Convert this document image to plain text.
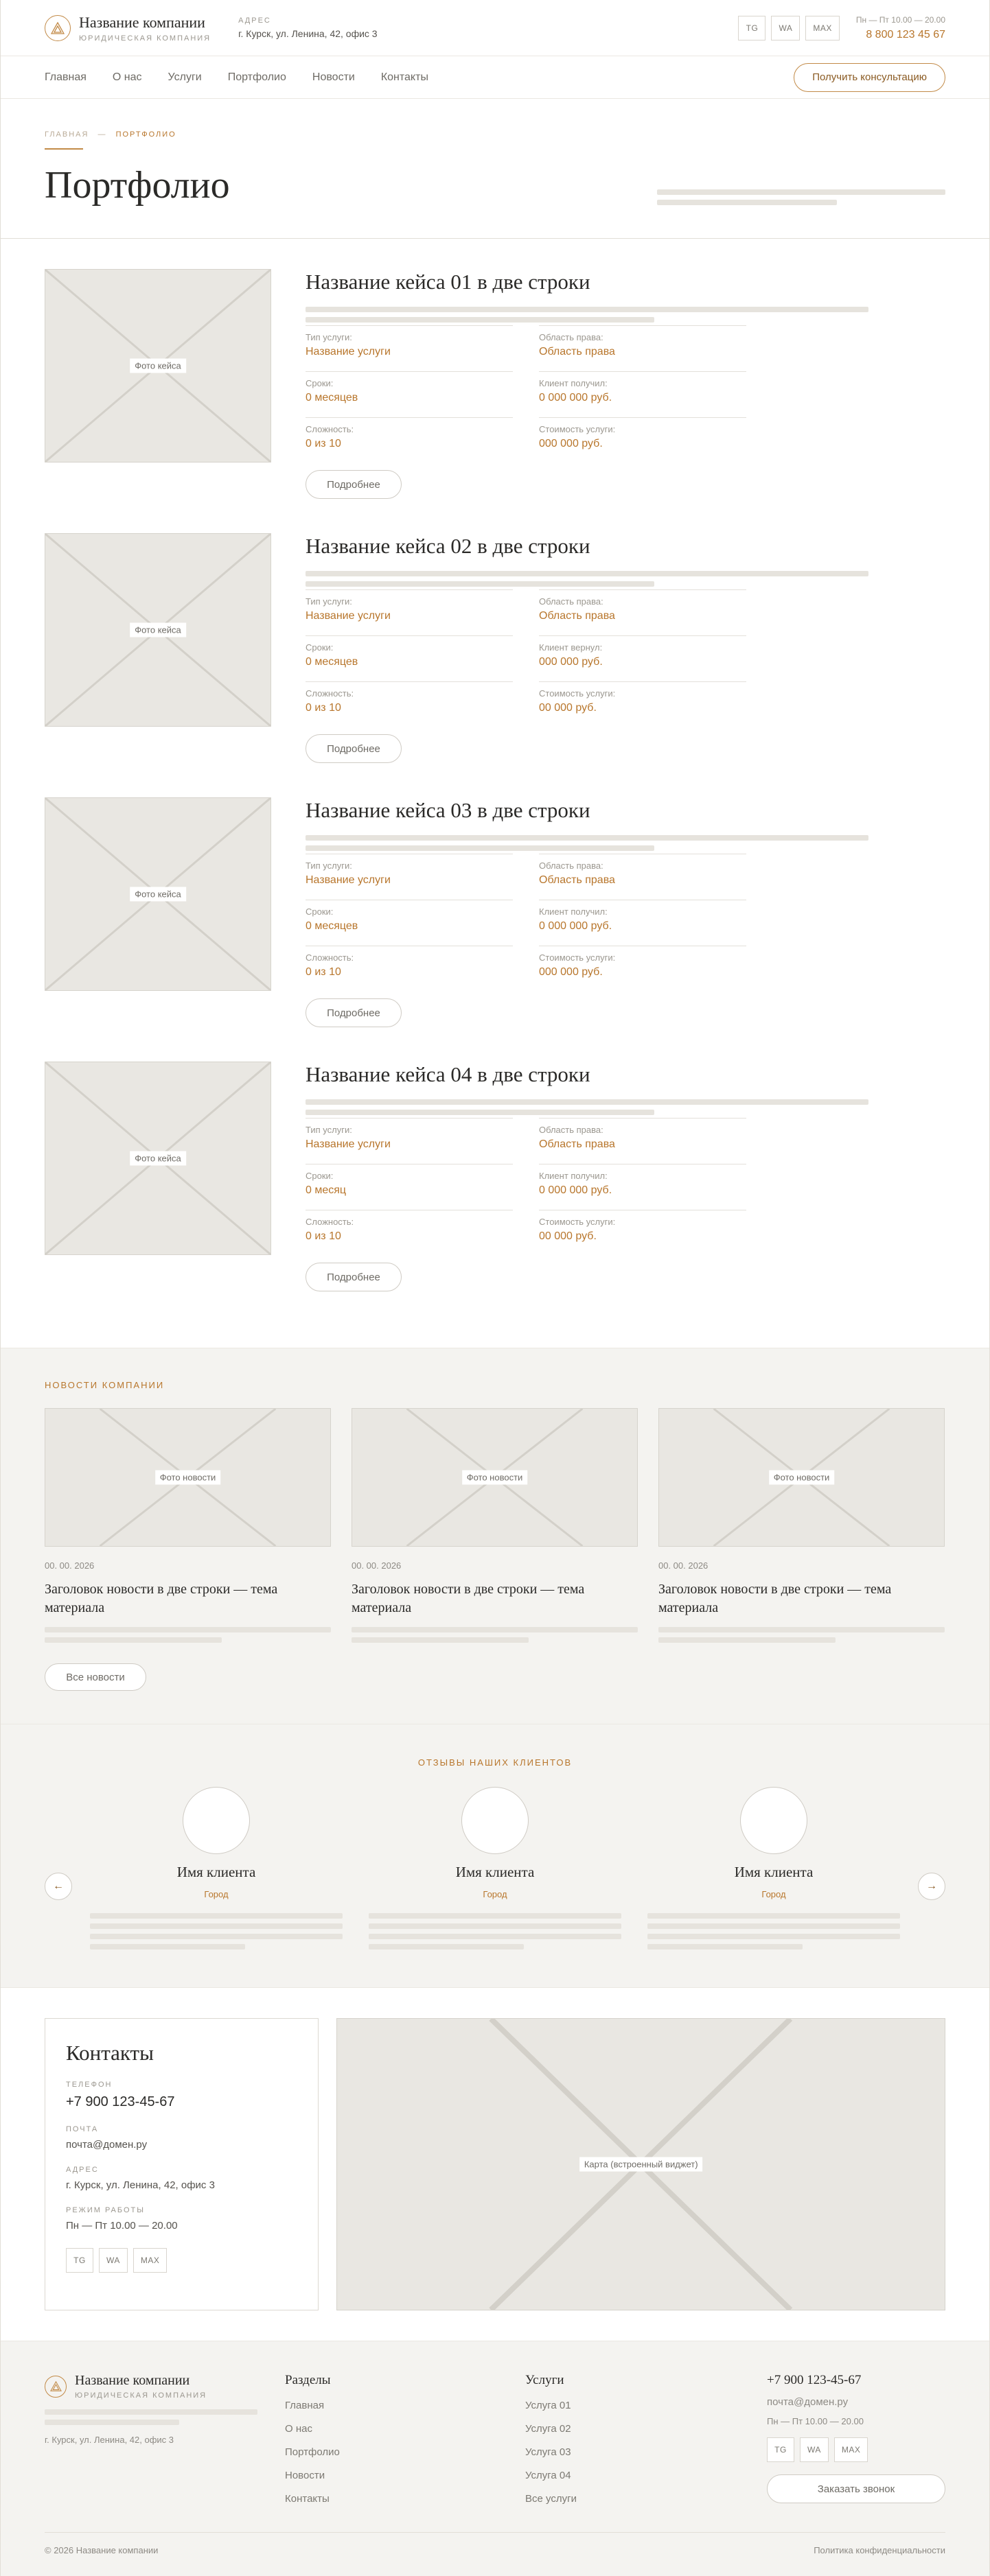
Название компании
ЮРИДИЧЕСКАЯ КОМПАНИЯ
АДРЕС
г. Курск, ул. Ленина, 42, офис 3
TG	WA	MAX
Пн — Пт 10.00 — 20.00
8 800 123 45 67
Главная О нас Услуги Портфолио Новости Контакты	Получить консультацию
ГЛАВНАЯ — ПОРТФОЛИО
Портфолио
Фото кейса
Название кейса 01 в две строки
Тип услуги:
Название услуги
Область права:
Область права
Сроки:
0 месяцев
Клиент получил:
0 000 000 руб.
Сложность:
0 из 10
Стоимость услуги:
000 000 руб.
Подробнее
Фото кейса
Название кейса 02 в две строки
Тип услуги:
Название услуги
Область права:
Область права
Сроки:
0 месяцев
Клиент вернул:
000 000 руб.
Сложность:
0 из 10
Стоимость услуги:
00 000 руб.
Подробнее
Фото кейса
Название кейса 03 в две строки
Тип услуги:
Название услуги
Область права:
Область права
Сроки:
0 месяцев
Клиент получил:
0 000 000 руб.
Сложность:
0 из 10
Стоимость услуги:
000 000 руб.
Подробнее
Фото кейса
Название кейса 04 в две строки
Тип услуги:
Название услуги
Область права:
Область права
Сроки:
0 месяц
Клиент получил:
0 000 000 руб.
Сложность:
0 из 10
Стоимость услуги:
00 000 руб.
Подробнее
НОВОСТИ КОМПАНИИ
Фото новости
00. 00. 2026
Заголовок новости в две строки — тема материала
Фото новости
00. 00. 2026
Заголовок новости в две строки — тема материала
Фото новости
00. 00. 2026
Заголовок новости в две строки — тема материала
Все новости
ОТЗЫВЫ НАШИХ КЛИЕНТОВ
←	→
Имя клиента
Город
Имя клиента
Город
Имя клиента
Город
Контакты
ТЕЛЕФОН
+7 900 123-45-67
ПОЧТА
почта@домен.ру
АДРЕС
г. Курск, ул. Ленина, 42, офис 3
РЕЖИМ РАБОТЫ
Пн — Пт 10.00 — 20.00
TG	WA	MAX
Карта (встроенный виджет)
Название компании
ЮРИДИЧЕСКАЯ КОМПАНИЯ
г. Курск, ул. Ленина, 42, офис 3
Разделы
Главная
О нас
Портфолио
Новости
Контакты
Услуги
Услуга 01
Услуга 02
Услуга 03
Услуга 04
Все услуги
+7 900 123-45-67
почта@домен.ру
Пн — Пт 10.00 — 20.00
TG	WA	MAX
Заказать звонок
© 2026 Название компании	Политика конфиденциальности
